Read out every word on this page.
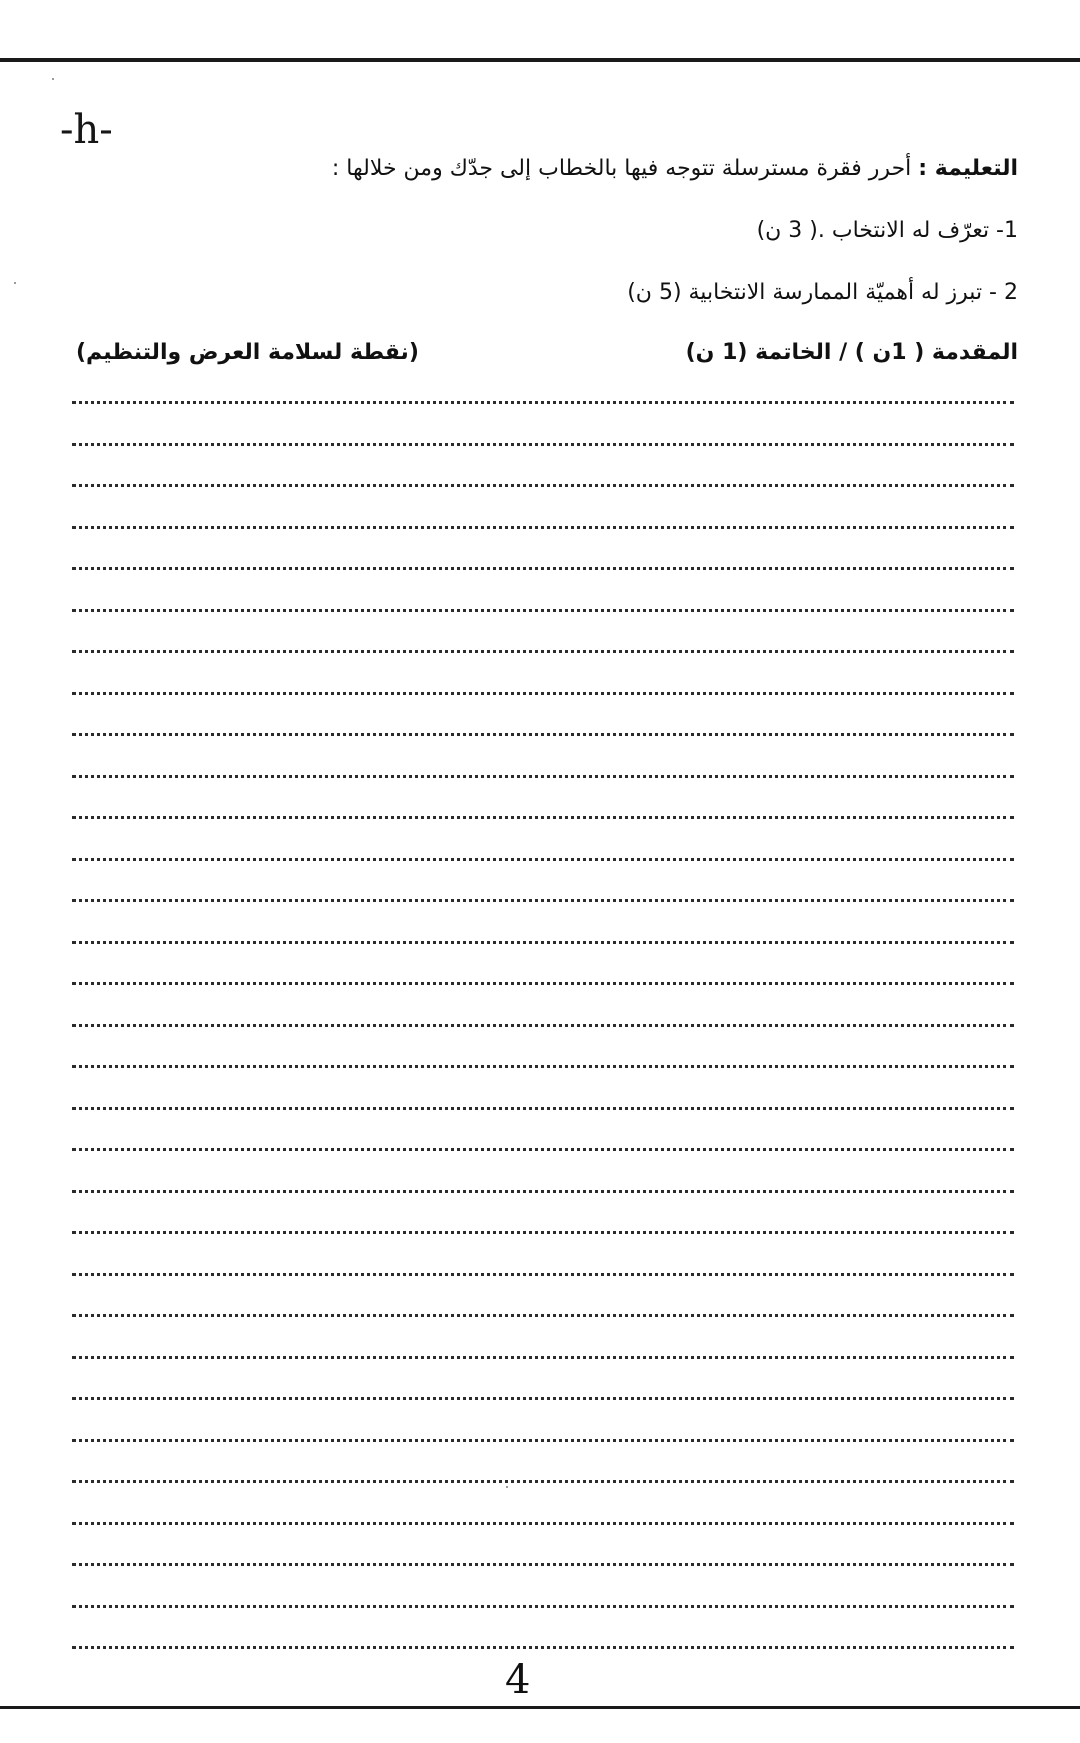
-h-
التعليمة : أحرر فقرة مسترسلة تتوجه فيها بالخطاب إلى جدّك ومن خلالها :
1- تعرّف له الانتخاب .( 3 ن)
2 - تبرز له أهميّة الممارسة الانتخابية (5 ن)
المقدمة ( 1ن ) / الخاتمة (1 ن)
(نقطة لسلامة العرض والتنظيم)
4
